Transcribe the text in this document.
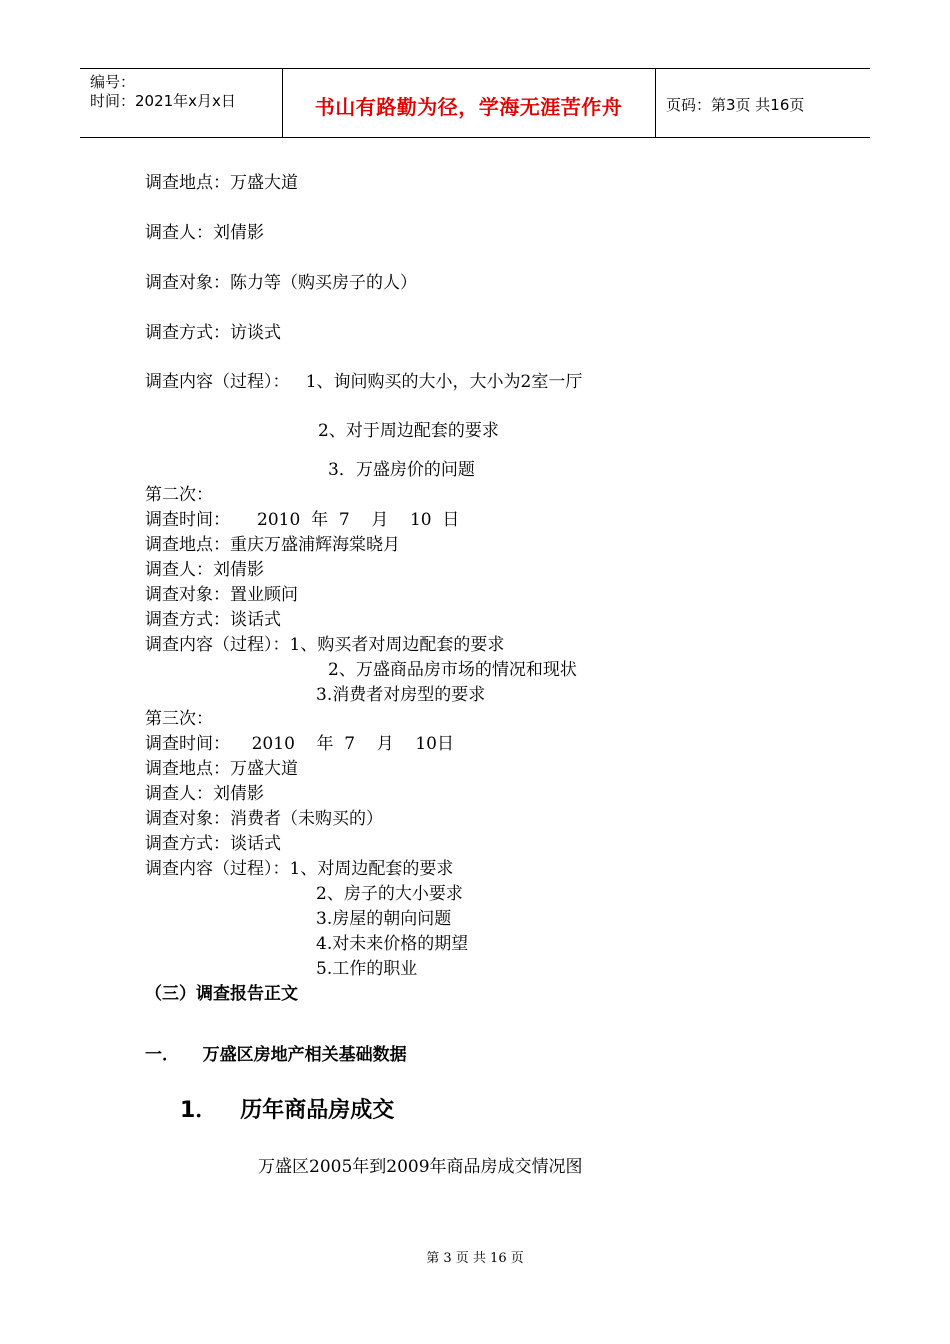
编号：
时间：2021年x月x日	书山有路勤为径，学海无涯苦作舟	页码：第3页 共16页
调查地点：万盛大道
调查人：刘倩影
调查对象：陈力等（购买房子的人）
调查方式：访谈式
调查内容（过程）：   1、询问购买的大小，大小为2室一厅
2、对于周边配套的要求
3．万盛房价的问题
第二次：
调查时间：     2010  年  7    月    10  日
调查地点：重庆万盛浦辉海棠晓月
调查人：刘倩影
调查对象：置业顾问
调查方式：谈话式
调查内容（过程）：1、购买者对周边配套的要求
2、万盛商品房市场的情况和现状
3.消费者对房型的要求
第三次：
调查时间：    2010    年  7    月    10日
调查地点：万盛大道
调查人：刘倩影
调查对象：消费者（未购买的）
调查方式：谈话式
调查内容（过程）：1、对周边配套的要求
2、房子的大小要求
3.房屋的朝向问题
4.对未来价格的期望
5.工作的职业
（三）调查报告正文
一．    万盛区房地产相关基础数据
1．   历年商品房成交
万盛区2005年到2009年商品房成交情况图
第 3 页 共 16 页
